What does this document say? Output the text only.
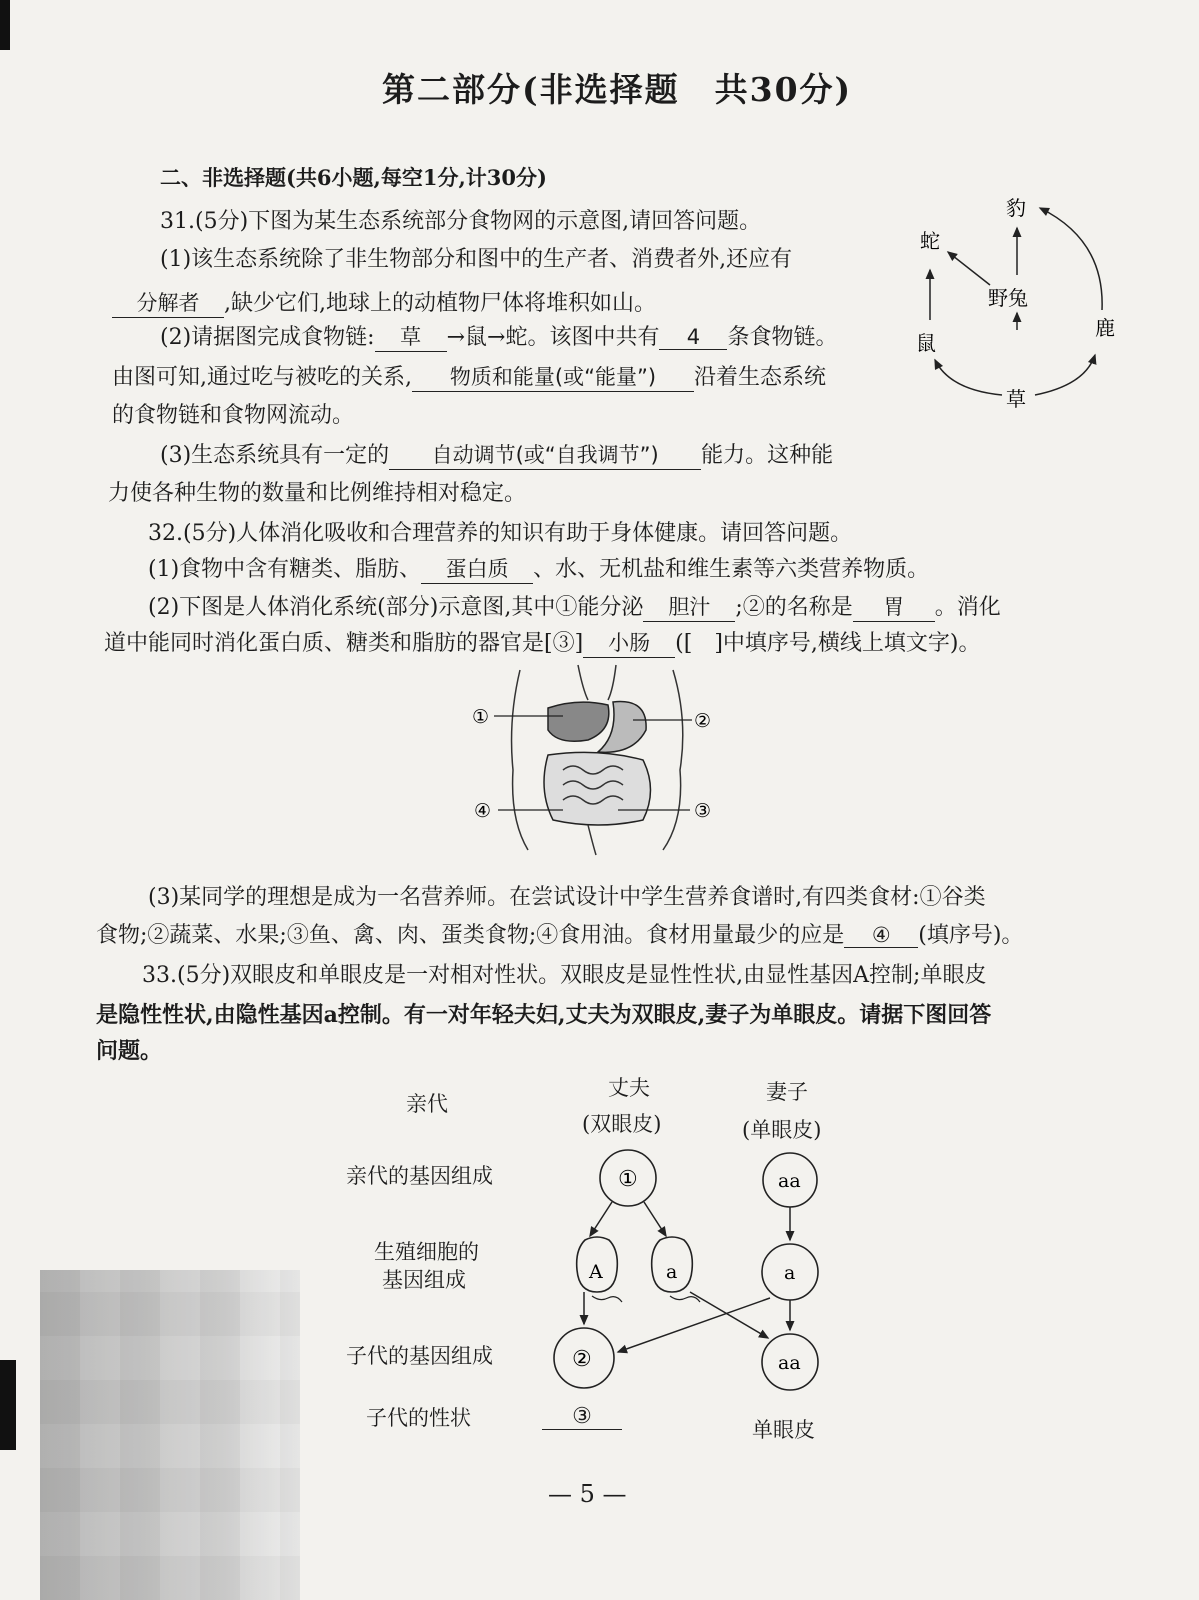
第二部分(非选择题　共30分)
二、非选择题(共6小题,每空1分,计30分)
31.(5分)下图为某生态系统部分食物网的示意图,请回答问题。
(1)该生态系统除了非生物部分和图中的生产者、消费者外,还应有
分解者 ,缺少它们,地球上的动植物尸体将堆积如山。
(2)请据图完成食物链: 草 →鼠→蛇。该图中共有 4 条食物链。
由图可知,通过吃与被吃的关系, 物质和能量(或“能量”) 沿着生态系统
的食物链和食物网流动。
(3)生态系统具有一定的 自动调节(或“自我调节”) 能力。这种能
力使各种生物的数量和比例维持相对稳定。
豹
蛇
野兔
鹿
鼠
草
32.(5分)人体消化吸收和合理营养的知识有助于身体健康。请回答问题。
(1)食物中含有糖类、脂肪、 蛋白质 、水、无机盐和维生素等六类营养物质。
(2)下图是人体消化系统(部分)示意图,其中①能分泌 胆汁 ;②的名称是 胃 。消化
道中能同时消化蛋白质、糖类和脂肪的器官是[③] 小肠 ([　]中填序号,横线上填文字)。
①	②
③
④
(3)某同学的理想是成为一名营养师。在尝试设计中学生营养食谱时,有四类食材:①谷类
食物;②蔬菜、水果;③鱼、禽、肉、蛋类食物;④食用油。食材用量最少的应是 ④ (填序号)。
33.(5分)双眼皮和单眼皮是一对相对性状。双眼皮是显性性状,由显性基因A控制;单眼皮
是隐性性状,由隐性基因a控制。有一对年轻夫妇,丈夫为双眼皮,妻子为单眼皮。请据下图回答
问题。
亲代
丈夫
(双眼皮)
妻子
(单眼皮)
亲代的基因组成
生殖细胞的
基因组成
子代的基因组成
子代的性状
①	aa
A	a	a
②	aa
③
单眼皮
— 5 —
